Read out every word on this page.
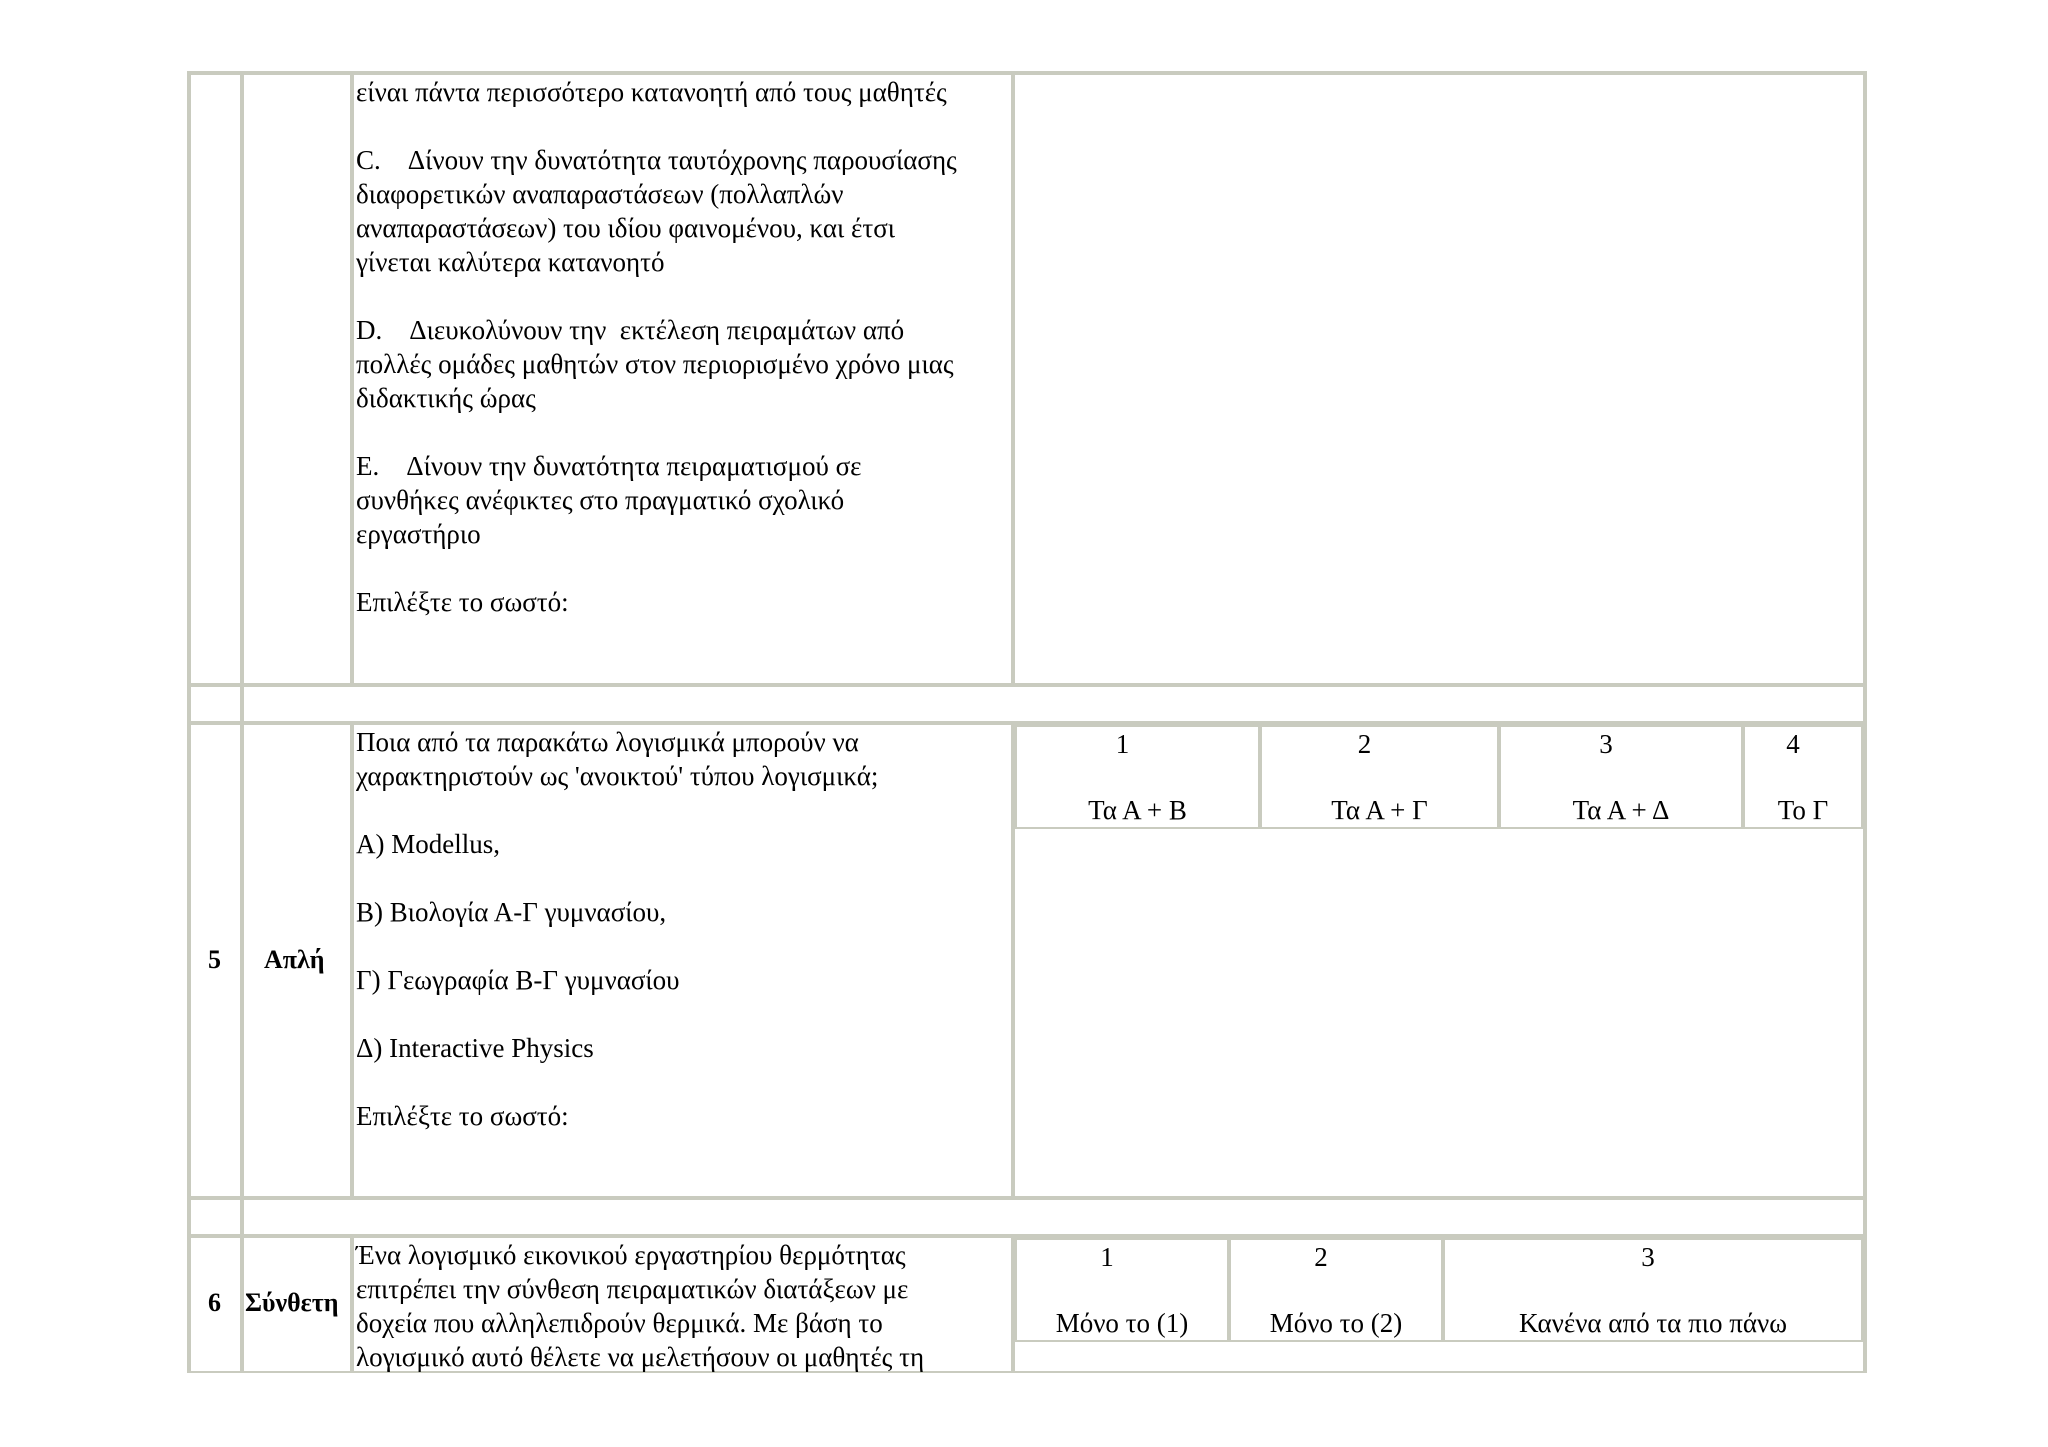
είναι πάντα περισσότερο κατανοητή από τους μαθητές
C.    Δίνουν την δυνατότητα ταυτόχρονης παρουσίασης
διαφορετικών αναπαραστάσεων (πολλαπλών
αναπαραστάσεων) του ιδίου φαινομένου, και έτσι
γίνεται καλύτερα κατανοητό
D.    Διευκολύνουν την  εκτέλεση πειραμάτων από
πολλές ομάδες μαθητών στον περιορισμένο χρόνο μιας
διδακτικής ώρας
E.    Δίνουν την δυνατότητα πειραματισμού σε
συνθήκες ανέφικτες στο πραγματικό σχολικό
εργαστήριο
Επιλέξτε το σωστό:
5 Απλή
Ποια από τα παρακάτω λογισμικά μπορούν να
χαρακτηριστούν ως 'ανοικτού' τύπου λογισμικά;
Α) Modellus,
Β) Βιολογία Α-Γ γυμνασίου,
Γ) Γεωγραφία Β-Γ γυμνασίου
Δ) Interactive Physics
Επιλέξτε το σωστό:
1
Τα Α + Β
2
Τα Α + Γ
3
Τα Α + Δ
4
Το Γ
6 Σύνθετη
Ένα λογισμικό εικονικού εργαστηρίου θερμότητας
επιτρέπει την σύνθεση πειραματικών διατάξεων με
δοχεία που αλληλεπιδρούν θερμικά. Με βάση το
λογισμικό αυτό θέλετε να μελετήσουν οι μαθητές τη
1
Μόνο το (1)
2
Μόνο το (2)
3
Κανένα από τα πιο πάνω
